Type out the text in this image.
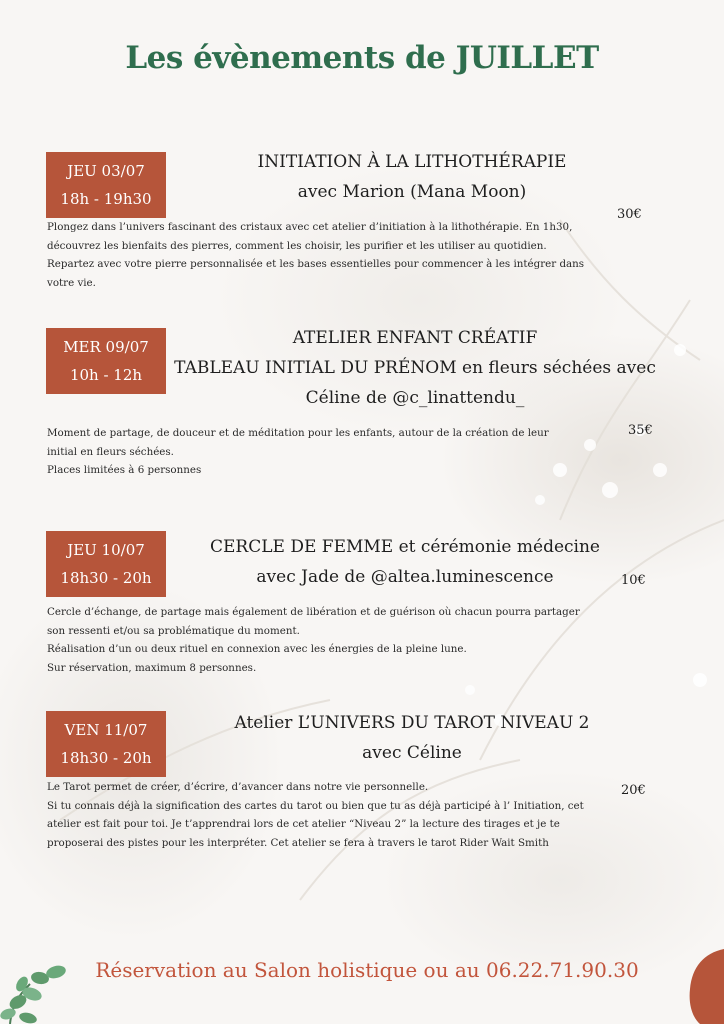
Les évènements de JUILLET
JEU 03/07
18h - 19h30
INITIATION À LA LITHOTHÉRAPIE
avec Marion (Mana Moon)
30€
Plongez dans l’univers fascinant des cristaux avec cet atelier d’initiation à la lithothérapie. En 1h30,
découvrez les bienfaits des pierres, comment les choisir, les purifier et les utiliser au quotidien.
Repartez avec votre pierre personnalisée et les bases essentielles pour commencer à les intégrer dans
votre vie.
MER 09/07
10h - 12h
ATELIER ENFANT CRÉATIF
TABLEAU INITIAL DU PRÉNOM en fleurs séchées avec
Céline de @c_linattendu_
35€
Moment de partage, de douceur et de méditation pour les enfants, autour de la création de leur
initial en fleurs séchées.
Places limitées à 6 personnes
JEU 10/07
18h30 - 20h
CERCLE DE FEMME et cérémonie médecine
avec Jade de @altea.luminescence	10€
Cercle d’échange, de partage mais également de libération et de guérison où chacun pourra partager
son ressenti et/ou sa problématique du moment.
Réalisation d’un ou deux rituel en connexion avec les énergies de la pleine lune.
Sur réservation, maximum 8 personnes.
VEN 11/07
18h30 - 20h
Atelier L’UNIVERS DU TAROT NIVEAU 2
avec Céline
20€
Le Tarot permet de créer, d’écrire, d’avancer dans notre vie personnelle.
Si tu connais déjà la signification des cartes du tarot ou bien que tu as déjà participé à l’ Initiation, cet
atelier est fait pour toi. Je t’apprendrai lors de cet atelier “Niveau 2” la lecture des tirages et je te
proposerai des pistes pour les interpréter. Cet atelier se fera à travers le tarot Rider Wait Smith
Réservation au Salon holistique ou au 06.22.71.90.30
